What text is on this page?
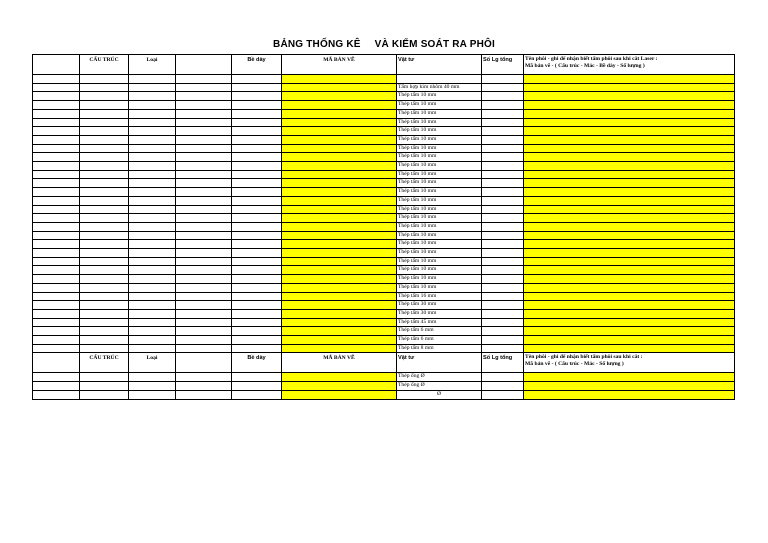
BẢNG THỐNG KÊ VÀ KIỂM SOÁT RA PHÔI
	CẤU TRÚC	Loại		Bề dày	MÃ BẢN VẼ	Vật tư	Số Lg tổng	Tên phôi - ghi để nhận biết tấm phôi sau khi cắt Laser :
Mã bản vẽ - ( Cấu trúc - Mác - Bề dày - Số lượng )

						Tấm hợp kim nhôm 40 mm		
						Thép tấm 10 mm		
						Thép tấm 10 mm		
						Thép tấm 10 mm		
						Thép tấm 10 mm		
						Thép tấm 10 mm		
						Thép tấm 10 mm		
						Thép tấm 10 mm		
						Thép tấm 10 mm		
						Thép tấm 10 mm		
						Thép tấm 10 mm		
						Thép tấm 10 mm		
						Thép tấm 10 mm		
						Thép tấm 10 mm		
						Thép tấm 10 mm		
						Thép tấm 10 mm		
						Thép tấm 10 mm		
						Thép tấm 10 mm		
						Thép tấm 10 mm		
						Thép tấm 10 mm		
						Thép tấm 10 mm		
						Thép tấm 10 mm		
						Thép tấm 10 mm		
						Thép tấm 10 mm		
						Thép tấm 16 mm		
						Thép tấm 30 mm		
						Thép tấm 30 mm		
						Thép tấm 45 mm		
						Thép tấm 6 mm		
						Thép tấm 6 mm		
						Thép tấm 8 mm		
	CẤU TRÚC	Loại		Bề dày	MÃ BẢN VẼ	Vật tư	Số Lg tổng	Tên phôi - ghi để nhận biết tấm phôi sau khi cắt :
Mã bản vẽ - ( Cấu trúc - Mác - Số lượng )

						Thép ống Ø		
						Thép ống Ø		
						Ø		
